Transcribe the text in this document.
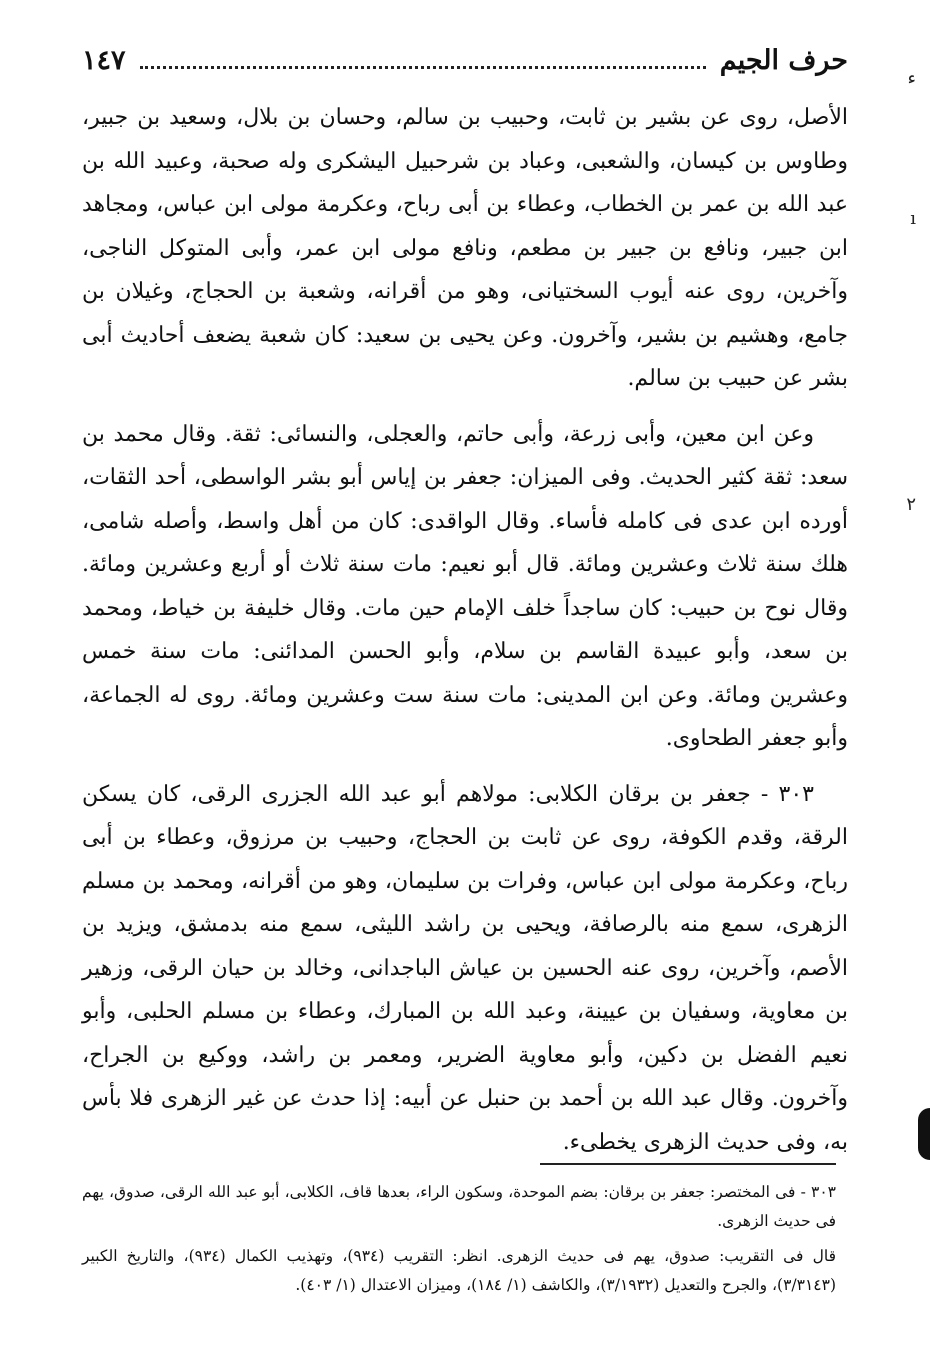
حرف الجيم
١٤٧

الأصل، روى عن بشير بن ثابت، وحبيب بن سالم، وحسان بن بلال، وسعيد بن جبير، وطاوس بن كيسان، والشعبى، وعباد بن شرحبيل اليشكرى وله صحبة، وعبيد الله بن عبد الله بن عمر بن الخطاب، وعطاء بن أبى رباح، وعكرمة مولى ابن عباس، ومجاهد ابن جبير، ونافع بن جبير بن مطعم، ونافع مولى ابن عمر، وأبى المتوكل الناجى، وآخرين، روى عنه أيوب السختيانى، وهو من أقرانه، وشعبة بن الحجاج، وغيلان بن جامع، وهشيم بن بشير، وآخرون. وعن يحيى بن سعيد: كان شعبة يضعف أحاديث أبى بشر عن حبيب بن سالم.

وعن ابن معين، وأبى زرعة، وأبى حاتم، والعجلى، والنسائى: ثقة. وقال محمد بن سعد: ثقة كثير الحديث. وفى الميزان: جعفر بن إياس أبو بشر الواسطى، أحد الثقات، أورده ابن عدى فى كامله فأساء. وقال الواقدى: كان من أهل واسط، وأصله شامى، هلك سنة ثلاث وعشرين ومائة. قال أبو نعيم: مات سنة ثلاث أو أربع وعشرين ومائة. وقال نوح بن حبيب: كان ساجداً خلف الإمام حين مات. وقال خليفة بن خياط، ومحمد بن سعد، وأبو عبيدة القاسم بن سلام، وأبو الحسن المدائنى: مات سنة خمس وعشرين ومائة. وعن ابن المدينى: مات سنة ست وعشرين ومائة. روى له الجماعة، وأبو جعفر الطحاوى.

٣٠٣ - جعفر بن برقان الكلابى: مولاهم أبو عبد الله الجزرى الرقى، كان يسكن الرقة، وقدم الكوفة، روى عن ثابت بن الحجاج، وحبيب بن مرزوق، وعطاء بن أبى رباح، وعكرمة مولى ابن عباس، وفرات بن سليمان، وهو من أقرانه، ومحمد بن مسلم الزهرى، سمع منه بالرصافة، ويحيى بن راشد الليثى، سمع منه بدمشق، ويزيد بن الأصم، وآخرين، روى عنه الحسين بن عياش الباجدانى، وخالد بن حيان الرقى، وزهير بن معاوية، وسفيان بن عيينة، وعبد الله بن المبارك، وعطاء بن مسلم الحلبى، وأبو نعيم الفضل بن دكين، وأبو معاوية الضرير، ومعمر بن راشد، ووكيع بن الجراح، وآخرون. وقال عبد الله بن أحمد بن حنبل عن أبيه: إذا حدث عن غير الزهرى فلا بأس به، وفى حديث الزهرى يخطىء.

٣٠٣ - فى المختصر: جعفر بن برقان: بضم الموحدة، وسكون الراء، بعدها قاف، الكلابى، أبو عبد الله الرقى، صدوق، يهم فى حديث الزهرى.

قال فى التقريب: صدوق، يهم فى حديث الزهرى. انظر: التقريب (٩٣٤)، وتهذيب الكمال (٩٣٤)، والتاريخ الكبير (٣/٣١٤٣)، والجرح والتعديل (٣/١٩٣٢)، والكاشف (١/ ١٨٤)، وميزان الاعتدال (١/ ٤٠٣).

ء
ı
٢
